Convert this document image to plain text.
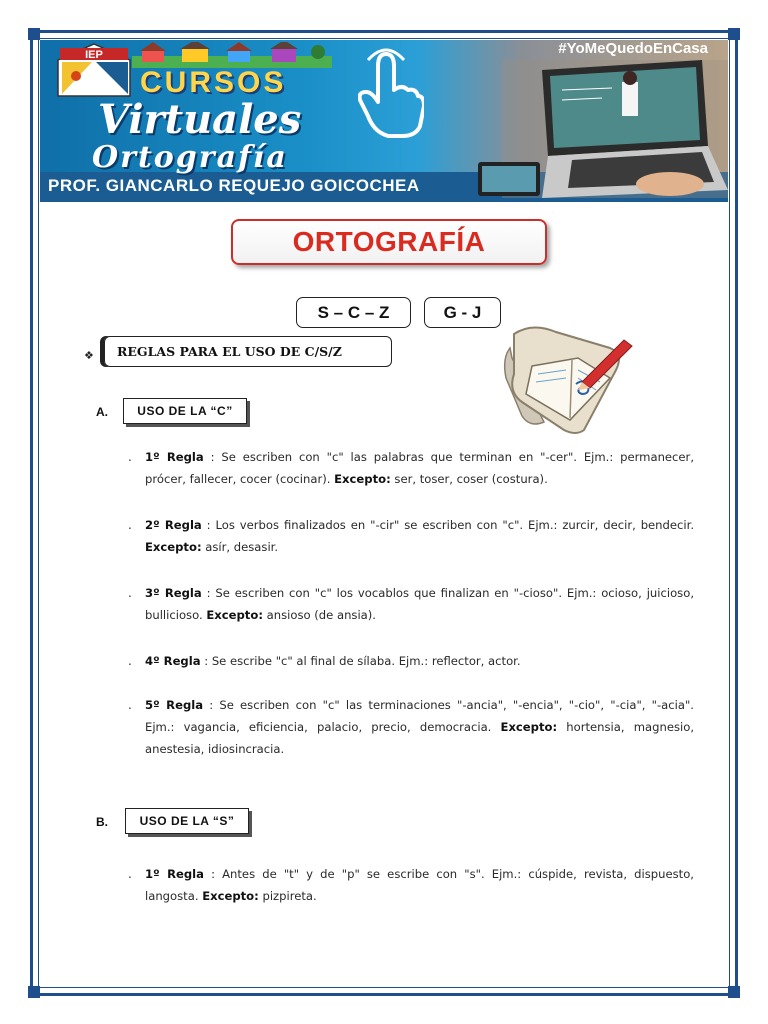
IEP	#YoMeQuedoEnCasa
CURSOS
Virtuales
Ortografía
PROF. GIANCARLO REQUEJO GOICOCHEA
ORTOGRAFÍA
S – C – Z	G - J
❖	REGLAS PARA EL USO DE C/S/Z
A.	USO DE LA “C”
. 1º Regla : Se escriben con "c" las palabras que terminan en "-cer". Ejm.: permanecer, prócer, fallecer, cocer (cocinar). Excepto: ser, toser, coser (costura).
. 2º Regla : Los verbos finalizados en "-cir" se escriben con "c". Ejm.: zurcir, decir, bendecir. Excepto: asír, desasir.
. 3º Regla : Se escriben con "c" los vocablos que finalizan en "-cioso". Ejm.: ocioso, juicioso, bullicioso. Excepto: ansioso (de ansia).
. 4º Regla : Se escribe "c" al final de sílaba. Ejm.: reflector, actor.
. 5º Regla : Se escriben con "c" las terminaciones "-ancia", "-encia", "-cio", "-cia", "-acia". Ejm.: vagancia, eficiencia, palacio, precio, democracia. Excepto: hortensia, magnesio, anestesia, idiosincracia.
B.	USO DE LA “S”
. 1º Regla : Antes de "t" y de "p" se escribe con "s". Ejm.: cúspide, revista, dispuesto, langosta. Excepto: pizpireta.
